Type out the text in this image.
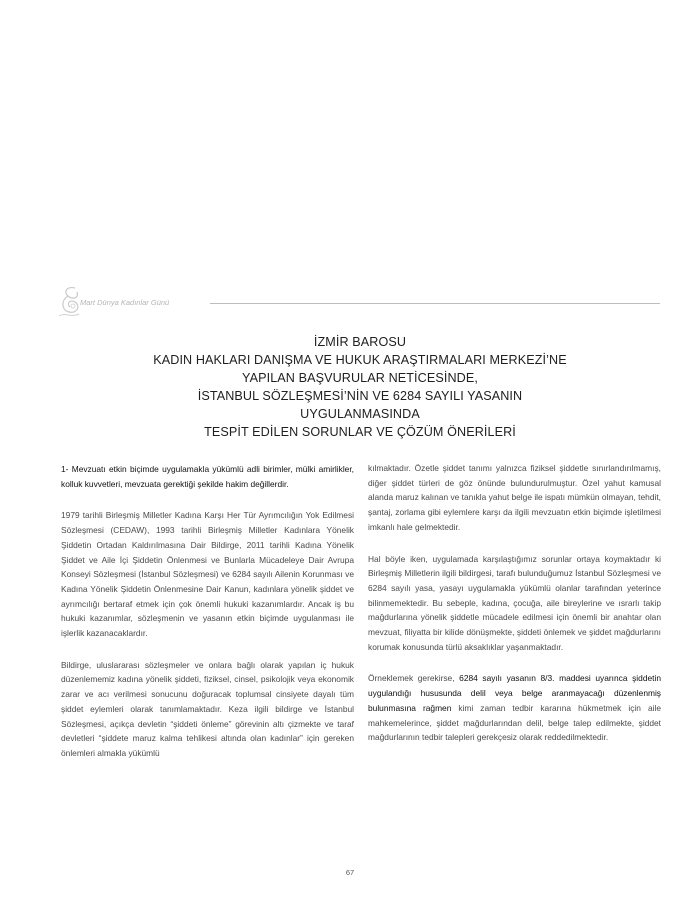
Mart Dünya Kadınlar Günü
İZMİR BAROSU
KADIN HAKLARI DANIŞMA VE HUKUK ARAŞTIRMALARI MERKEZİ’NE
YAPILAN BAŞVURULAR NETİCESİNDE,
İSTANBUL SÖZLEŞMESİ’NİN VE 6284 SAYILI YASANIN
UYGULANMASINDA
TESPİT EDİLEN SORUNLAR VE ÇÖZÜM ÖNERİLERİ

1- Mevzuatı etkin biçimde uygulamakla yükümlü adli birimler, mülki amirlikler, kolluk kuvvetleri, mevzuata gerektiği şekilde hakim değillerdir.

1979 tarihli Birleşmiş Milletler Kadına Karşı Her Tür Ayrımcılığın Yok Edilmesi Sözleşmesi (CEDAW), 1993 tarihli Birleşmiş Milletler Kadınlara Yönelik Şiddetin Ortadan Kaldırılmasına Dair Bildirge, 2011 tarihli Kadına Yönelik Şiddet ve Aile İçi Şiddetin Önlenmesi ve Bunlarla Mücadeleye Dair Avrupa Konseyi Sözleşmesi (İstanbul Sözleşmesi) ve 6284 sayılı Ailenin Korunması ve Kadına Yönelik Şiddetin Önlenmesine Dair Kanun, kadınlara yönelik şiddet ve ayrımcılığı bertaraf etmek için çok önemli hukuki kazanımlardır. Ancak iş bu hukuki kazanımlar, sözleşmenin ve yasanın etkin biçimde uygulanması ile işlerlik kazanacaklardır.

Bildirge, uluslararası sözleşmeler ve onlara bağlı olarak yapılan iç hukuk düzenlememiz kadına yönelik şiddeti, fiziksel, cinsel, psikolojik veya ekonomik zarar ve acı verilmesi sonucunu doğuracak toplumsal cinsiyete dayalı tüm şiddet eylemleri olarak tanımlamaktadır. Keza ilgili bildirge ve İstanbul Sözleşmesi, açıkça devletin “şiddeti önleme” görevinin altı çizmekte ve taraf devletleri “şiddete maruz kalma tehlikesi altında olan kadınlar” için gereken önlemleri almakla yükümlü

kılmaktadır. Özetle şiddet tanımı yalnızca fiziksel şiddetle sınırlandırılmamış, diğer şiddet türleri de göz önünde bulundurulmuştur. Özel yahut kamusal alanda maruz kalınan ve tanıkla yahut belge ile ispatı mümkün olmayan, tehdit, şantaj, zorlama gibi eylemlere karşı da ilgili mevzuatın etkin biçimde işletilmesi imkanlı hale gelmektedir.

Hal böyle iken, uygulamada karşılaştığımız sorunlar ortaya koymaktadır ki Birleşmiş Milletlerin ilgili bildirgesi, tarafı bulunduğumuz İstanbul Sözleşmesi ve 6284 sayılı yasa, yasayı uygulamakla yükümlü olanlar tarafından yeterince bilinmemektedir. Bu sebeple, kadına, çocuğa, aile bireylerine ve ısrarlı takip mağdurlarına yönelik şiddetle mücadele edilmesi için önemli bir anahtar olan mevzuat, filiyatta bir kilide dönüşmekte, şiddeti önlemek ve şiddet mağdurlarını korumak konusunda türlü aksaklıklar yaşanmaktadır.

Örneklemek gerekirse, 6284 sayılı yasanın 8/3. maddesi uyarınca şiddetin uygulandığı hususunda delil veya belge aranmayacağı düzenlenmiş bulunmasına rağmen kimi zaman tedbir kararına hükmetmek için aile mahkemelerince, şiddet mağdurlarından delil, belge talep edilmekte, şiddet mağdurlarının tedbir talepleri gerekçesiz olarak reddedilmektedir.

67
